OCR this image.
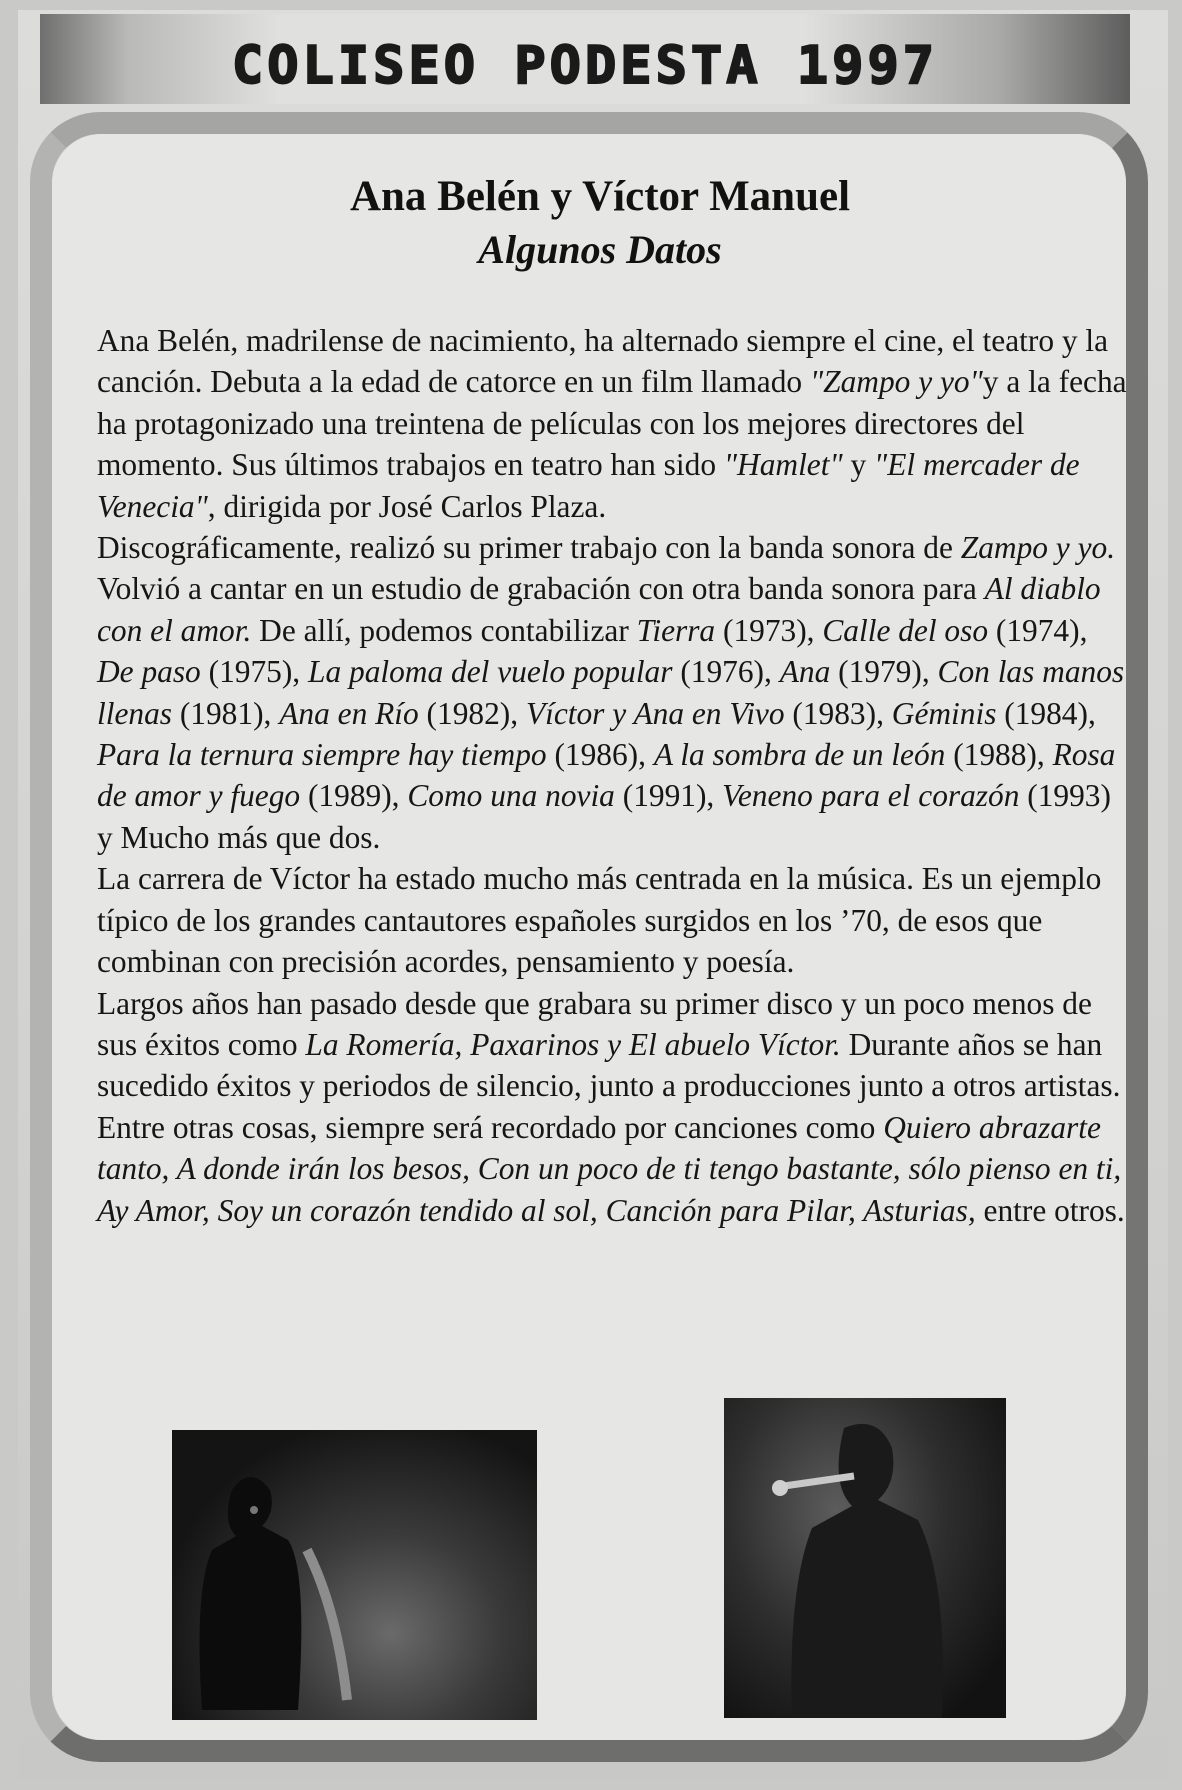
COLISEO PODESTA 1997
Ana Belén y Víctor Manuel
Algunos Datos

Ana Belén, madrilense de nacimiento, ha alternado siempre el cine, el teatro y la canción. Debuta a la edad de catorce en un film llamado "Zampo y yo"y a la fecha ha protagonizado una treintena de películas con los mejores directores del momento. Sus últimos trabajos en teatro han sido "Hamlet" y "El mercader de Venecia", dirigida por José Carlos Plaza.

Discográficamente, realizó su primer trabajo con la banda sonora de Zampo y yo. Volvió a cantar en un estudio de grabación con otra banda sonora para Al diablo con el amor. De allí, podemos contabilizar Tierra (1973), Calle del oso (1974), De paso (1975), La paloma del vuelo popular (1976), Ana (1979), Con las manos llenas (1981), Ana en Río (1982), Víctor y Ana en Vivo (1983), Géminis (1984), Para la ternura siempre hay tiempo (1986), A la sombra de un león (1988), Rosa de amor y fuego (1989), Como una novia (1991), Veneno para el corazón (1993) y Mucho más que dos.

La carrera de Víctor ha estado mucho más centrada en la música. Es un ejemplo típico de los grandes cantautores españoles surgidos en los ’70, de esos que combinan con precisión acordes, pensamiento y poesía.

Largos años han pasado desde que grabara su primer disco y un poco menos de sus éxitos como La Romería, Paxarinos y El abuelo Víctor. Durante años se han sucedido éxitos y periodos de silencio, junto a producciones junto a otros artistas. Entre otras cosas, siempre será recordado por canciones como Quiero abrazarte tanto, A donde irán los besos, Con un poco de ti tengo bastante, sólo pienso en ti, Ay Amor, Soy un corazón tendido al sol, Canción para Pilar, Asturias, entre otros.
